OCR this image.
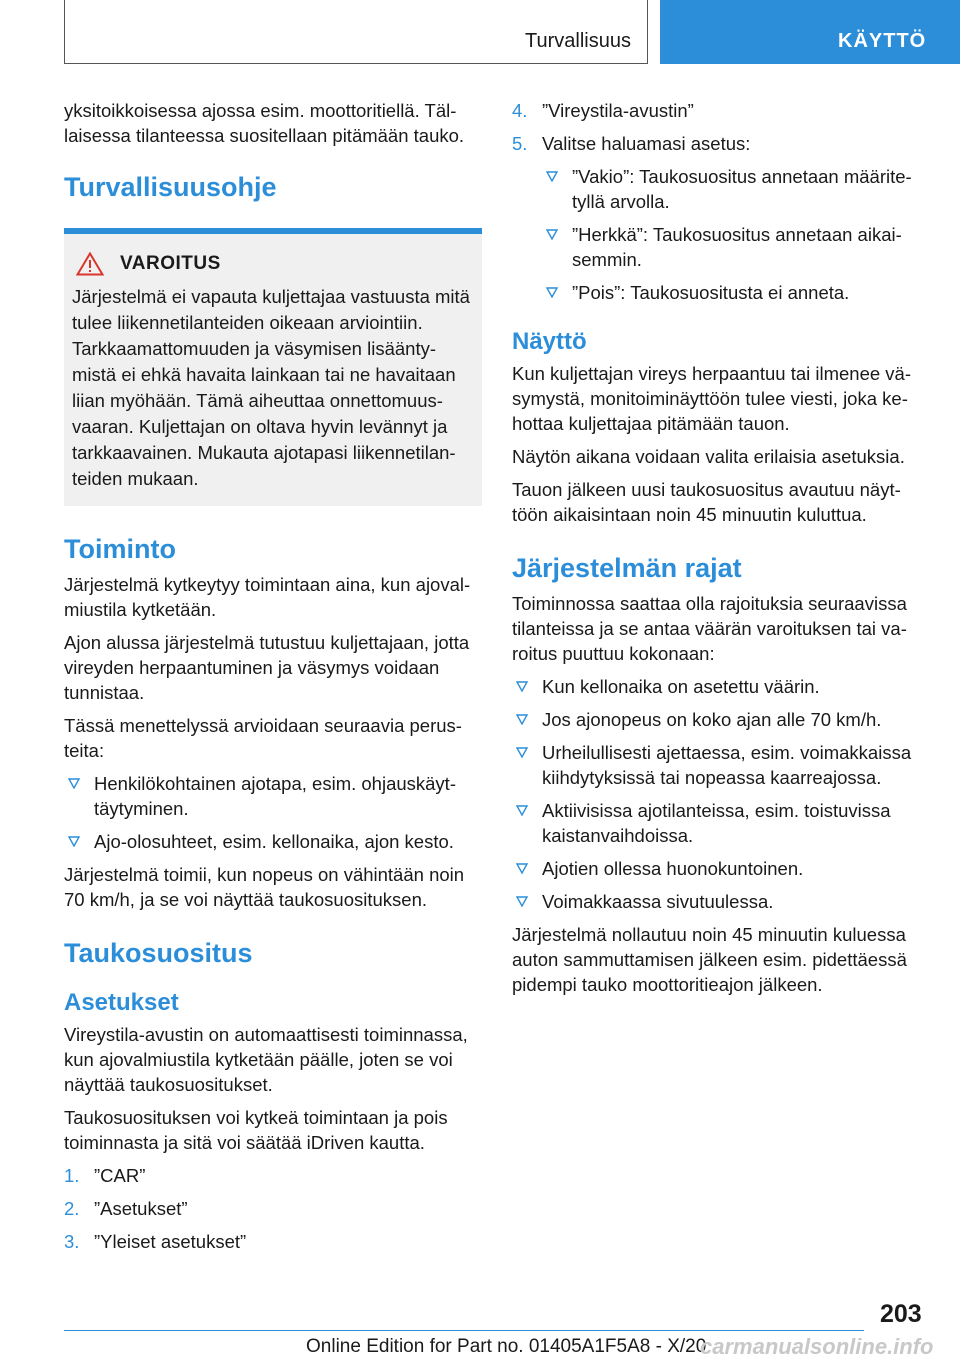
Turvallisuus	KÄYTTÖ

yksitoikkoisessa ajossa esim. moottoritiellä. Täl-laisessa tilanteessa suositellaan pitämään tauko.

Turvallisuusohje
VAROITUS

Järjestelmä ei vapauta kuljettajaa vastuusta mitä tulee liikennetilanteiden oikeaan arviointiin. Tarkkaamattomuuden ja väsymisen lisäänty-mistä ei ehkä havaita lainkaan tai ne havaitaan liian myöhään. Tämä aiheuttaa onnettomuus-vaaran. Kuljettajan on oltava hyvin levännyt ja tarkkaavainen. Mukauta ajotapasi liikennetilan-teiden mukaan.

Toiminto

Järjestelmä kytkeytyy toimintaan aina, kun ajoval-miustila kytketään.

Ajon alussa järjestelmä tutustuu kuljettajaan, jotta vireyden herpaantuminen ja väsymys voidaan tunnistaa.

Tässä menettelyssä arvioidaan seuraavia perus-teita:

Henkilökohtainen ajotapa, esim. ohjauskäyt-täytyminen.
Ajo-olosuhteet, esim. kellonaika, ajon kesto.

Järjestelmä toimii, kun nopeus on vähintään noin 70 km/h, ja se voi näyttää taukosuosituksen.

Taukosuositus
Asetukset

Vireystila-avustin on automaattisesti toiminnassa, kun ajovalmiustila kytketään päälle, joten se voi näyttää taukosuositukset.

Taukosuosituksen voi kytkeä toimintaan ja pois toiminnasta ja sitä voi säätää iDriven kautta.

1. ”CAR”
2. ”Asetukset”
3. ”Yleiset asetukset”
4. ”Vireystila-avustin”
5. Valitse haluamasi asetus:
”Vakio”: Taukosuositus annetaan määrite-tyllä arvolla.
”Herkkä”: Taukosuositus annetaan aikai-semmin.
”Pois”: Taukosuositusta ei anneta.
Näyttö

Kun kuljettajan vireys herpaantuu tai ilmenee vä-symystä, monitoiminäyttöön tulee viesti, joka ke-hottaa kuljettajaa pitämään tauon.

Näytön aikana voidaan valita erilaisia asetuksia.

Tauon jälkeen uusi taukosuositus avautuu näyt-töön aikaisintaan noin 45 minuutin kuluttua.

Järjestelmän rajat

Toiminnossa saattaa olla rajoituksia seuraavissa tilanteissa ja se antaa väärän varoituksen tai va-roitus puuttuu kokonaan:

Kun kellonaika on asetettu väärin.
Jos ajonopeus on koko ajan alle 70 km/h.
Urheilullisesti ajettaessa, esim. voimakkaissa kiihdytyksissä tai nopeassa kaarreajossa.
Aktiivisissa ajotilanteissa, esim. toistuvissa kaistanvaihdoissa.
Ajotien ollessa huonokuntoinen.
Voimakkaassa sivutuulessa.

Järjestelmä nollautuu noin 45 minuutin kuluessa auton sammuttamisen jälkeen esim. pidettäessä pidempi tauko moottoritieajon jälkeen.

203
Online Edition for Part no. 01405A1F5A8 - X/20
carmanualsonline.info
